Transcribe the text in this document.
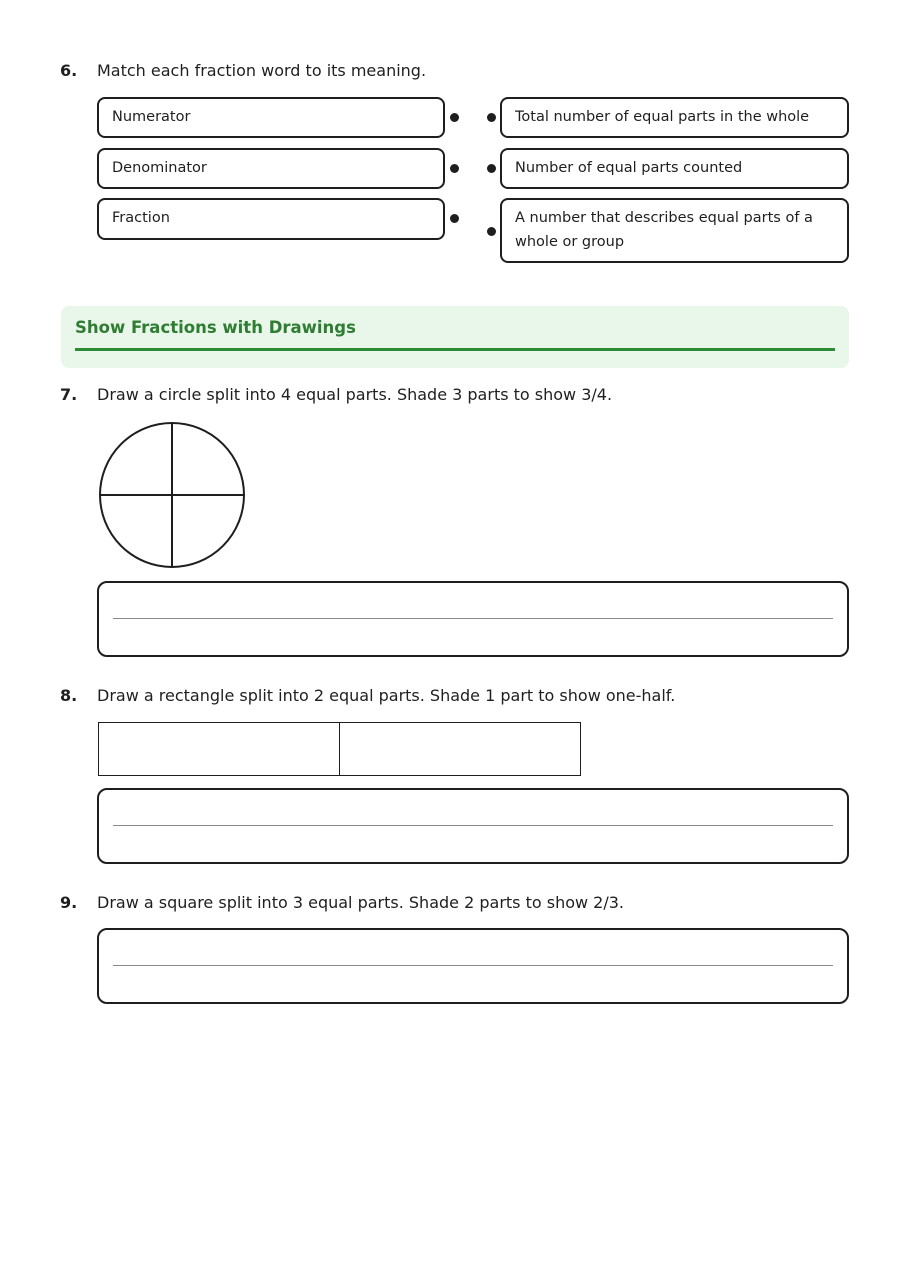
6. Match each fraction word to its meaning.
Numerator
Denominator
Fraction
Total number of equal parts in the whole
Number of equal parts counted
A number that describes equal parts of a whole or group
Show Fractions with Drawings
7. Draw a circle split into 4 equal parts. Shade 3 parts to show 3/4.
8. Draw a rectangle split into 2 equal parts. Shade 1 part to show one-half.
9. Draw a square split into 3 equal parts. Shade 2 parts to show 2/3.
